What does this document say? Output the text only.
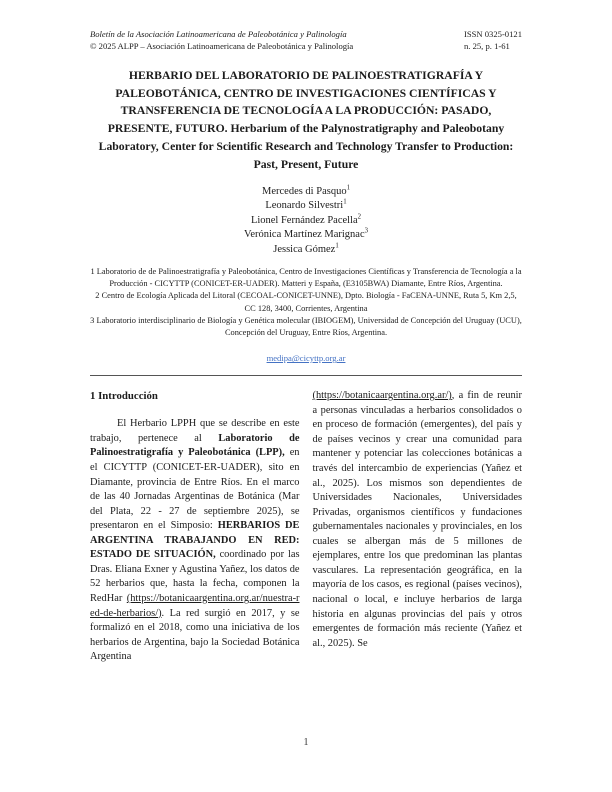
Boletín de la Asociación Latinoamericana de Paleobotánica y Palinología
© 2025 ALPP – Asociación Latinoamericana de Paleobotánica y Palinología
ISSN 0325-0121
n. 25, p. 1-61
HERBARIO DEL LABORATORIO DE PALINOESTRATIGRAFÍA Y PALEOBOTÁNICA, CENTRO DE INVESTIGACIONES CIENTÍFICAS Y TRANSFERENCIA DE TECNOLOGÍA A LA PRODUCCIÓN: PASADO, PRESENTE, FUTURO. Herbarium of the Palynostratigraphy and Paleobotany Laboratory, Center for Scientific Research and Technology Transfer to Production: Past, Present, Future
Mercedes di Pasquo$^1$
Leonardo Silvestri$^1$
Lionel Fernández Pacella$^2$
Verónica Martínez Marignac$^3$
Jessica Gómez$^1$
1 Laboratorio de de Palinoestratigrafía y Paleobotánica, Centro de Investigaciones Científicas y Transferencia de Tecnología a la Producción - CICYTTP (CONICET-ER-UADER). Matteri y España, (E3105BWA) Diamante, Entre Ríos, Argentina.
2 Centro de Ecología Aplicada del Litoral (CECOAL-CONICET-UNNE), Dpto. Biología - FaCENA-UNNE, Ruta 5, Km 2,5, CC 128, 3400, Corrientes, Argentina
3 Laboratorio interdisciplinario de Biología y Genética molecular (IBIOGEM), Universidad de Concepción del Uruguay (UCU), Concepción del Uruguay, Entre Ríos, Argentina.
medipa@cicyttp.org.ar
1 Introducción

El Herbario LPPH que se describe en este trabajo, pertenece al Laboratorio de Palinoestratigrafía y Paleobotánica (LPP), en el CICYTTP (CONICET-ER-UADER), sito en Diamante, provincia de Entre Ríos. En el marco de las 40 Jornadas Argentinas de Botánica (Mar del Plata, 22 - 27 de septiembre 2025), se presentaron en el Simposio: HERBARIOS DE ARGENTINA TRABAJANDO EN RED: ESTADO DE SITUACIÓN, coordinado por las Dras. Eliana Exner y Agustina Yañez, los datos de 52 herbarios que, hasta la fecha, componen la RedHar (https://botanicaargentina.org.ar/nuestra-red-de-herbarios/). La red surgió en 2017, y se formalizó en el 2018, como una iniciativa de los herbarios de Argentina, bajo la Sociedad Botánica Argentina

(https://botanicaargentina.org.ar/), a fin de reunir a personas vinculadas a herbarios consolidados o en proceso de formación (emergentes), del país y de países vecinos y crear una comunidad para mantener y potenciar las colecciones botánicas a través del intercambio de experiencias (Yañez et al., 2025). Los mismos son dependientes de Universidades Nacionales, Universidades Privadas, organismos científicos y fundaciones gubernamentales nacionales y provinciales, en los cuales se albergan más de 5 millones de ejemplares, entre los que predominan las plantas vasculares. La representación geográfica, en la mayoría de los casos, es regional (países vecinos), nacional o local, e incluye herbarios de larga historia en algunas provincias del país y otros emergentes de formación más reciente (Yañez et al., 2025). Se

1
